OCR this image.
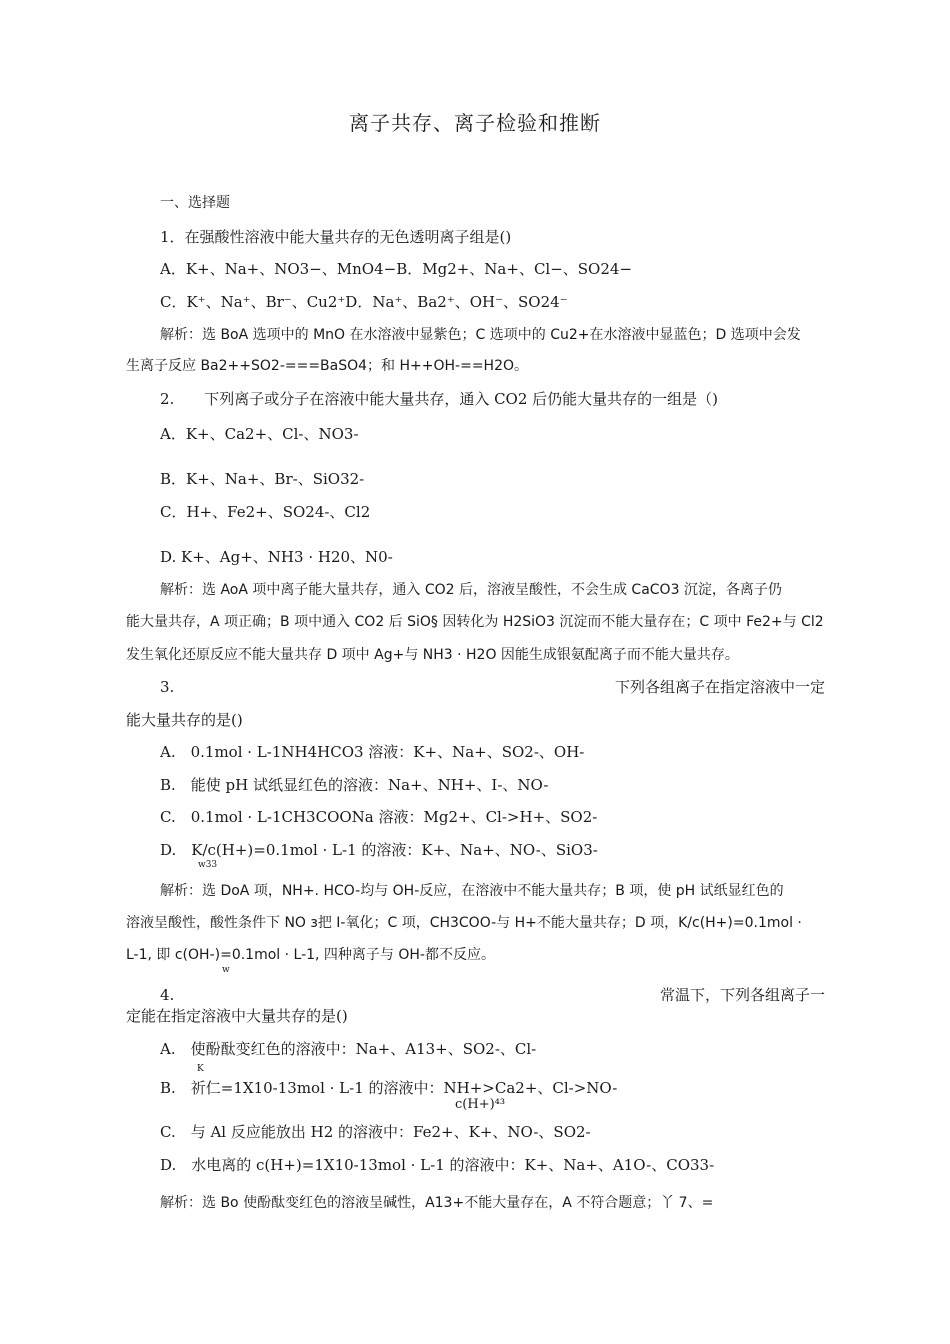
离子共存、离子检验和推断
一、选择题
1．在强酸性溶液中能大量共存的无色透明离子组是()
A．K+、Na+、NO3−、MnO4−B．Mg2+、Na+、Cl−、SO24−
C．K⁺、Na⁺、Br⁻、Cu2⁺D．Na⁺、Ba2⁺、OH⁻、SO24⁻
解析：选 BoA 选项中的 MnO 在水溶液中显紫色；C 选项中的 Cu2+在水溶液中显蓝色；D 选项中会发
生离子反应 Ba2++SO2-===BaSO4；和 H++OH-==H2O。
2.　　下列离子或分子在溶液中能大量共存，通入 CO2 后仍能大量共存的一组是（)
A．K+、Ca2+、Cl-、NO3-
B．K+、Na+、Br-、SiO32-
C．H+、Fe2+、SO24-、Cl2
D. K+、Ag+、NH3 · H20、N0-
解析：选 AoA 项中离子能大量共存，通入 CO2 后，溶液呈酸性，不会生成 CaCO3 沉淀，各离子仍
能大量共存，A 项正确；B 项中通入 CO2 后 SiO§ 因转化为 H2SiO3 沉淀而不能大量存在；C 项中 Fe2+与 Cl2
发生氧化还原反应不能大量共存 D 项中 Ag+与 NH3 · H2O 因能生成银氨配离子而不能大量共存。
3.	下列各组离子在指定溶液中一定
能大量共存的是()
A.　0.1mol · L-1NH4HCO3 溶液：K+、Na+、SO2-、OH-
B.　能使 pH 试纸显红色的溶液：Na+、NH+、I-、NO-
C.　0.1mol · L-1CH3COONa 溶液：Mg2+、Cl->H+、SO2-
D.　K/c(H+)=0.1mol · L-1 的溶液：K+、Na+、NO-、SiO3-
w33
解析：选 DoA 项，NH+. HCO-均与 OH-反应，在溶液中不能大量共存；B 项，使 pH 试纸显红色的
溶液呈酸性，酸性条件下 NO ɜ把 I-氧化；C 项，CH3COO-与 H+不能大量共存；D 项，K/c(H+)=0.1mol ·
L-1, 即 c(OH-)=0.1mol · L-1, 四种离子与 OH-都不反应。
w
4.	常温下，下列各组离子一
定能在指定溶液中大量共存的是()
A.　使酚酞变红色的溶液中：Na+、A13+、SO2-、Cl-
K
B.　祈仁=1X10-13mol · L-1 的溶液中：NH+>Ca2+、Cl->NO-
c(H+)⁴³
C.　与 Al 反应能放出 H2 的溶液中：Fe2+、K+、NO-、SO2-
D.　水电离的 c(H+)=1X10-13mol · L-1 的溶液中：K+、Na+、A1O-、CO33-
解析：选 Bo 使酚酞变红色的溶液呈碱性，A13+不能大量存在，A 不符合题意；丫 7、=
